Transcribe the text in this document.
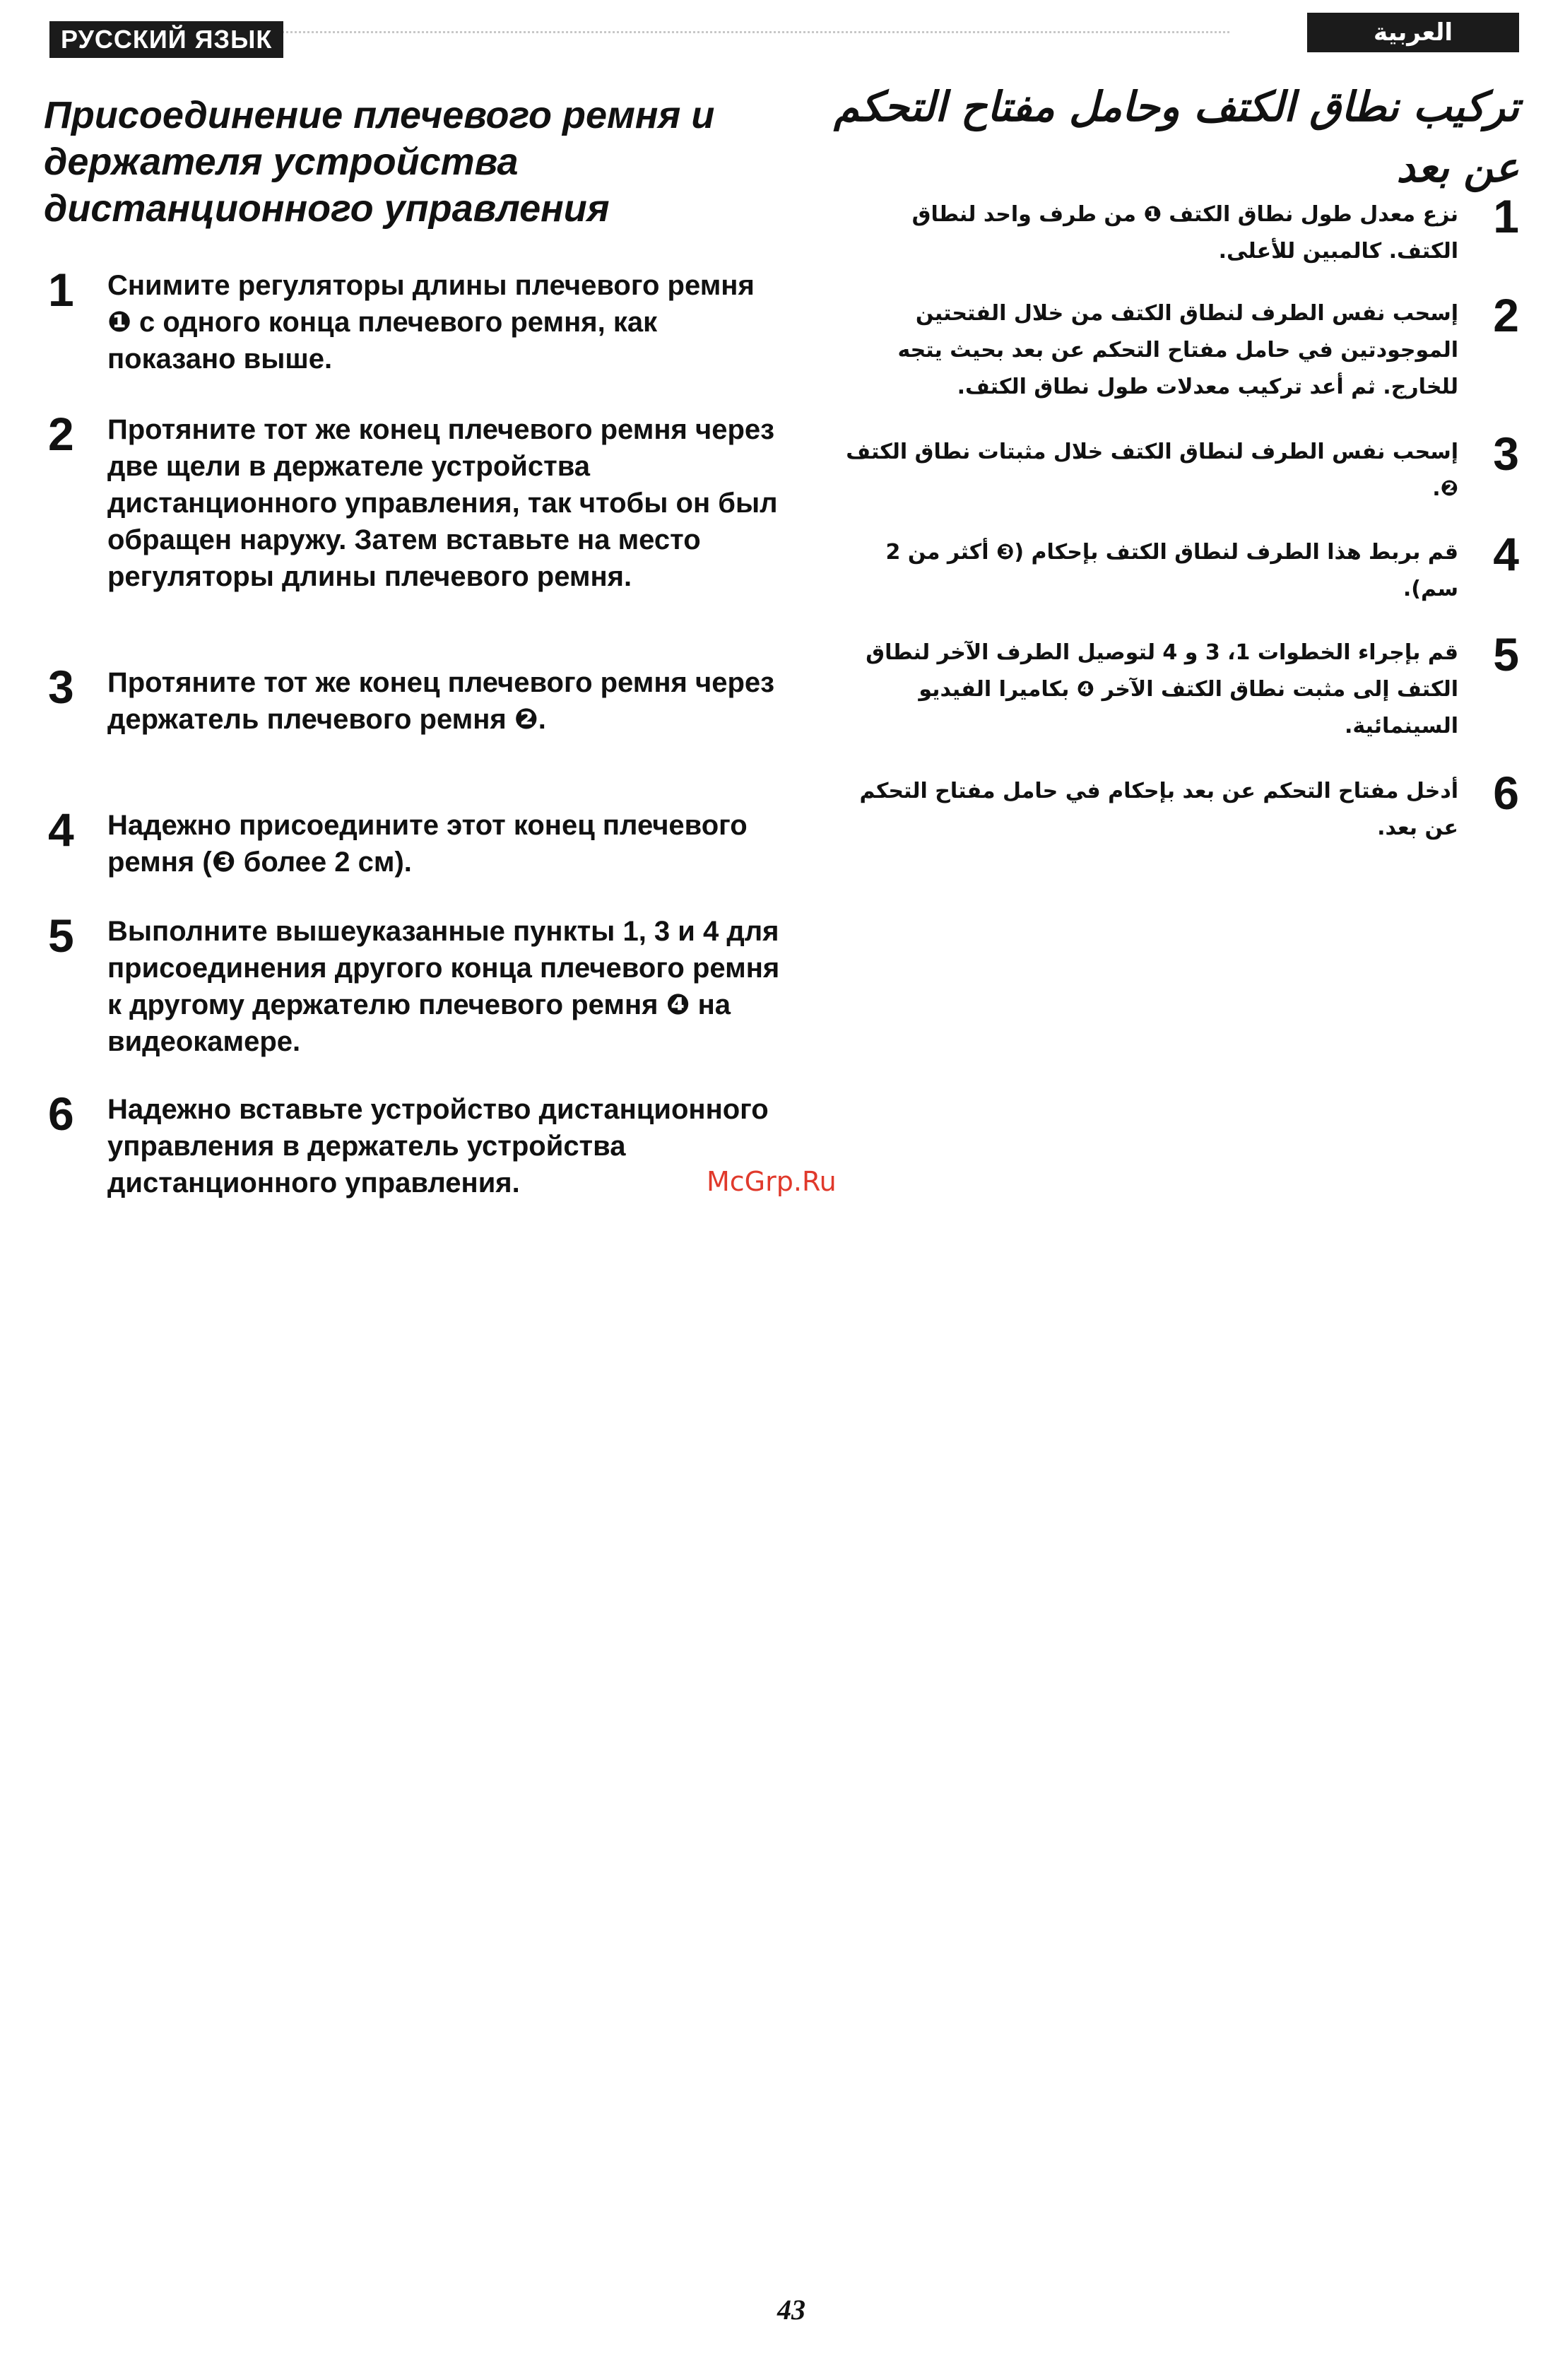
РУССКИЙ ЯЗЫК	العربية
Присоединение плечевого ремня и держателя устройства дистанционного управления
1 Снимите регуляторы длины плечевого ремня ❶ с одного конца плечевого ремня, как показано выше.

2 Протяните тот же конец плечевого ремня через две щели в держателе устройства дистанционного управления, так чтобы он был обращен наружу. Затем вставьте на место регуляторы длины плечевого ремня.

3 Протяните тот же конец плечевого ремня через держатель плечевого ремня ❷.

4 Надежно присоедините этот конец плечевого ремня (❸ более 2 см).

5 Выполните вышеуказанные пункты 1, 3 и 4 для присоединения другого конца плечевого ремня к другому держателю плечевого ремня ❹ на видеокамере.

6 Надежно вставьте устройство дистанционного управления в держатель устройства дистанционного управления.

تركيب نطاق الكتف وحامل مفتاح التحكم عن بعد
1

نزع معدل طول نطاق الكتف ❶ من طرف واحد لنطاق الكتف. كالمبين للأعلى.

2

إسحب نفس الطرف لنطاق الكتف من خلال الفتحتين الموجودتين في حامل مفتاح التحكم عن بعد بحيث يتجه للخارج. ثم أعد تركيب معدلات طول نطاق الكتف.

3

إسحب نفس الطرف لنطاق الكتف خلال مثبتات نطاق الكتف ❷.

4

قم بربط هذا الطرف لنطاق الكتف بإحكام (❸ أكثر من 2 سم).

5

قم بإجراء الخطوات 1، 3 و 4 لتوصيل الطرف الآخر لنطاق الكتف إلى مثبت نطاق الكتف الآخر ❹ بكاميرا الفيديو السينمائية.

6

أدخل مفتاح التحكم عن بعد بإحكام في حامل مفتاح التحكم عن بعد.

McGrp.Ru
43
